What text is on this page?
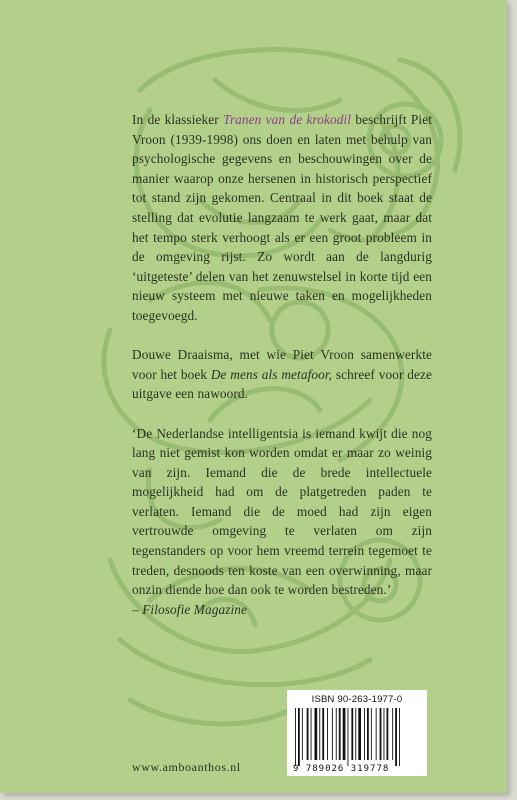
In de klassieker Tranen van de krokodil beschrijft Piet Vroon (1939-1998) ons doen en laten met behulp van psychologische gegevens en beschouwingen over de manier waarop onze hersenen in historisch perspectief tot stand zijn gekomen. Centraal in dit boek staat de stelling dat evolutie langzaam te werk gaat, maar dat het tempo sterk verhoogt als er een groot probleem in de omgeving rijst. Zo wordt aan de langdurig ‘uitgeteste’ delen van het zenuwstelsel in korte tijd een nieuw systeem met nieuwe taken en mogelijkheden toegevoegd.

Douwe Draaisma, met wie Piet Vroon samenwerkte voor het boek De mens als metafoor, schreef voor deze uitgave een nawoord.

‘De Nederlandse intelligentsia is iemand kwijt die nog lang niet gemist kon worden omdat er maar zo weinig van zijn. Iemand die de brede intellectuele mogelijkheid had om de platgetreden paden te verlaten. Iemand die de moed had zijn eigen vertrouwde omgeving te verlaten om zijn tegenstanders op voor hem vreemd terrein tegemoet te treden, desnoods ten koste van een overwinning, maar onzin diende hoe dan ook te worden bestreden.’

– Filosofie Magazine
ISBN 90-263-1977-0
9 789026 319778
www.amboanthos.nl
